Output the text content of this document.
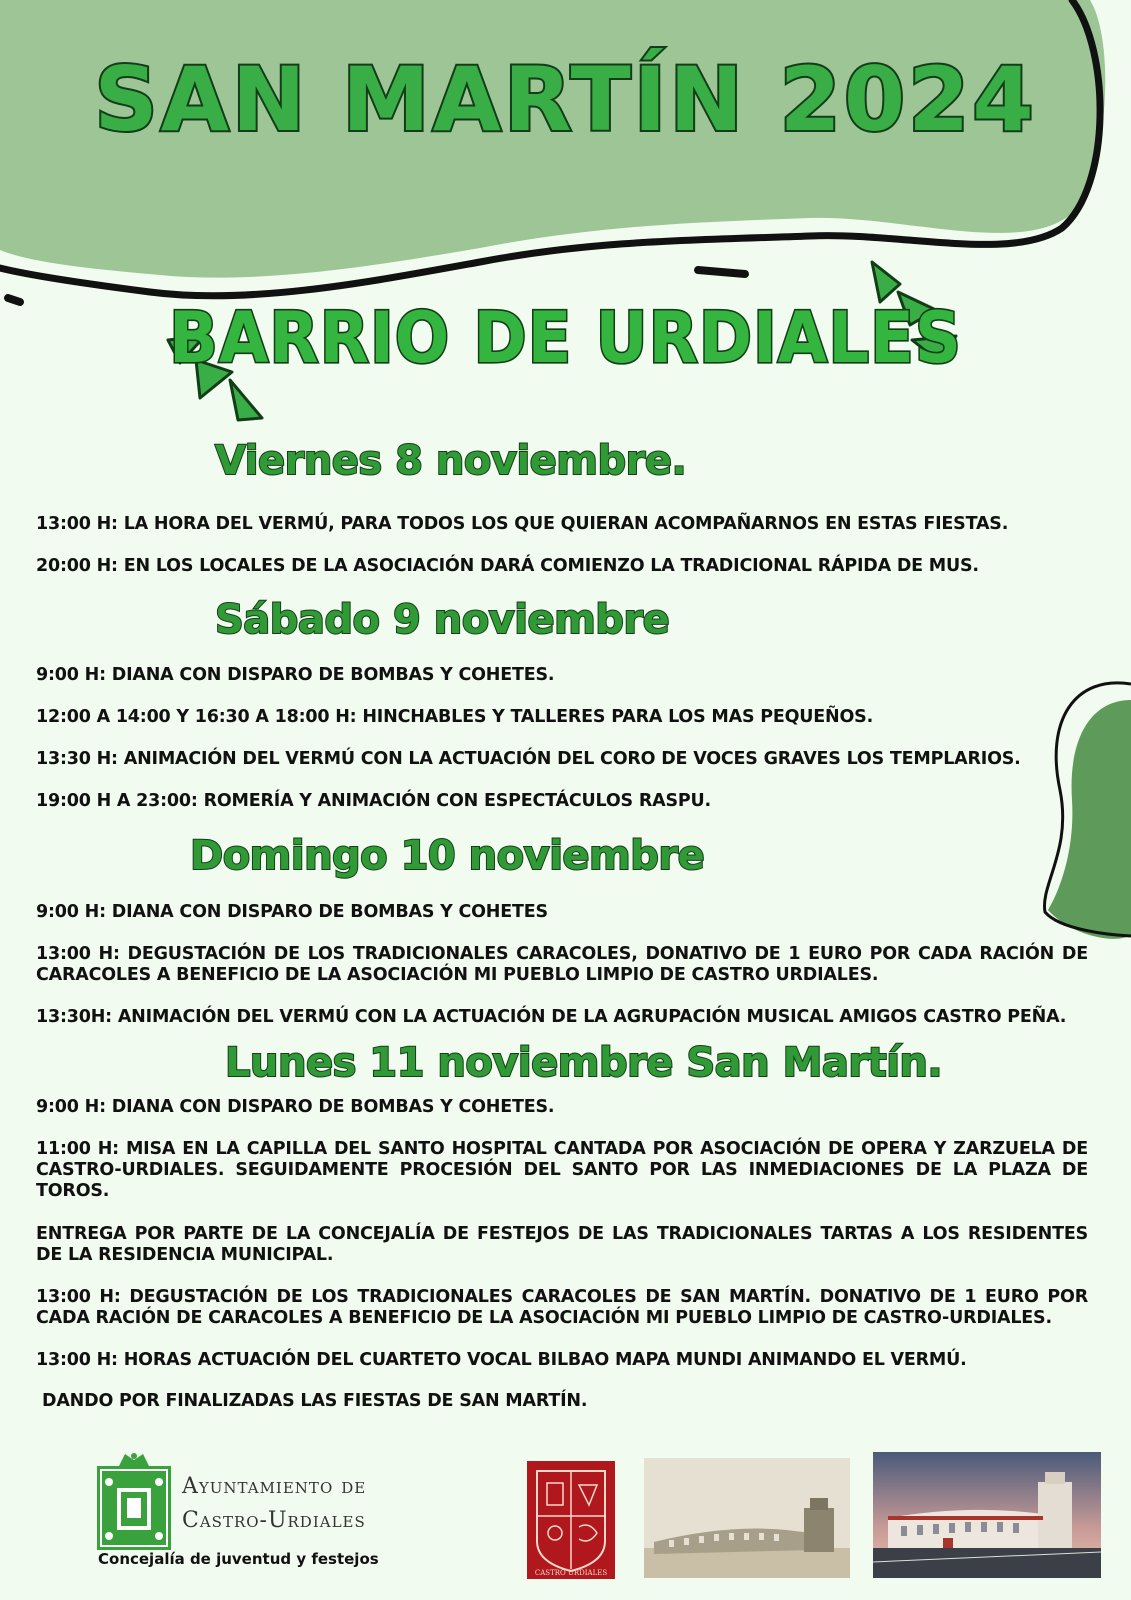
SAN MARTÍN 2024
BARRIO DE URDIALES
Viernes 8 noviembre.

13:00 H: LA HORA DEL VERMÚ, PARA TODOS LOS QUE QUIERAN ACOMPAÑARNOS EN ESTAS FIESTAS.

20:00 H: EN LOS LOCALES DE LA ASOCIACIÓN DARÁ COMIENZO LA TRADICIONAL RÁPIDA DE MUS.

Sábado 9 noviembre

9:00 H: DIANA CON DISPARO DE BOMBAS Y COHETES.

12:00 A 14:00 Y 16:30 A 18:00 H: HINCHABLES Y TALLERES PARA LOS MAS PEQUEÑOS.

13:30 H: ANIMACIÓN DEL VERMÚ CON LA ACTUACIÓN DEL CORO DE VOCES GRAVES LOS TEMPLARIOS.

19:00 H A 23:00: ROMERÍA Y ANIMACIÓN CON ESPECTÁCULOS RASPU.

Domingo 10 noviembre

9:00 H: DIANA CON DISPARO DE BOMBAS Y COHETES

13:00 H: DEGUSTACIÓN DE LOS TRADICIONALES CARACOLES, DONATIVO DE 1 EURO POR CADA RACIÓN DE CARACOLES A BENEFICIO DE LA ASOCIACIÓN MI PUEBLO LIMPIO DE CASTRO URDIALES.

13:30H: ANIMACIÓN DEL VERMÚ CON LA ACTUACIÓN DE LA AGRUPACIÓN MUSICAL AMIGOS CASTRO PEÑA.

Lunes 11 noviembre San Martín.

9:00 H: DIANA CON DISPARO DE BOMBAS Y COHETES.

11:00 H: MISA EN LA CAPILLA DEL SANTO HOSPITAL CANTADA POR ASOCIACIÓN DE OPERA Y ZARZUELA DE CASTRO-URDIALES. SEGUIDAMENTE PROCESIÓN DEL SANTO POR LAS INMEDIACIONES DE LA PLAZA DE TOROS.

ENTREGA POR PARTE DE LA CONCEJALÍA DE FESTEJOS DE LAS TRADICIONALES TARTAS A LOS RESIDENTES DE LA RESIDENCIA MUNICIPAL.

13:00 H: DEGUSTACIÓN DE LOS TRADICIONALES CARACOLES DE SAN MARTÍN. DONATIVO DE 1 EURO POR CADA RACIÓN DE CARACOLES A BENEFICIO DE LA ASOCIACIÓN MI PUEBLO LIMPIO DE CASTRO-URDIALES.

13:00 H: HORAS ACTUACIÓN DEL CUARTETO VOCAL BILBAO MAPA MUNDI ANIMANDO EL VERMÚ.

DANDO POR FINALIZADAS LAS FIESTAS DE SAN MARTÍN.

Ayuntamiento de
Castro-Urdiales
Concejalía de juventud y festejos
CASTRO URDIALES
